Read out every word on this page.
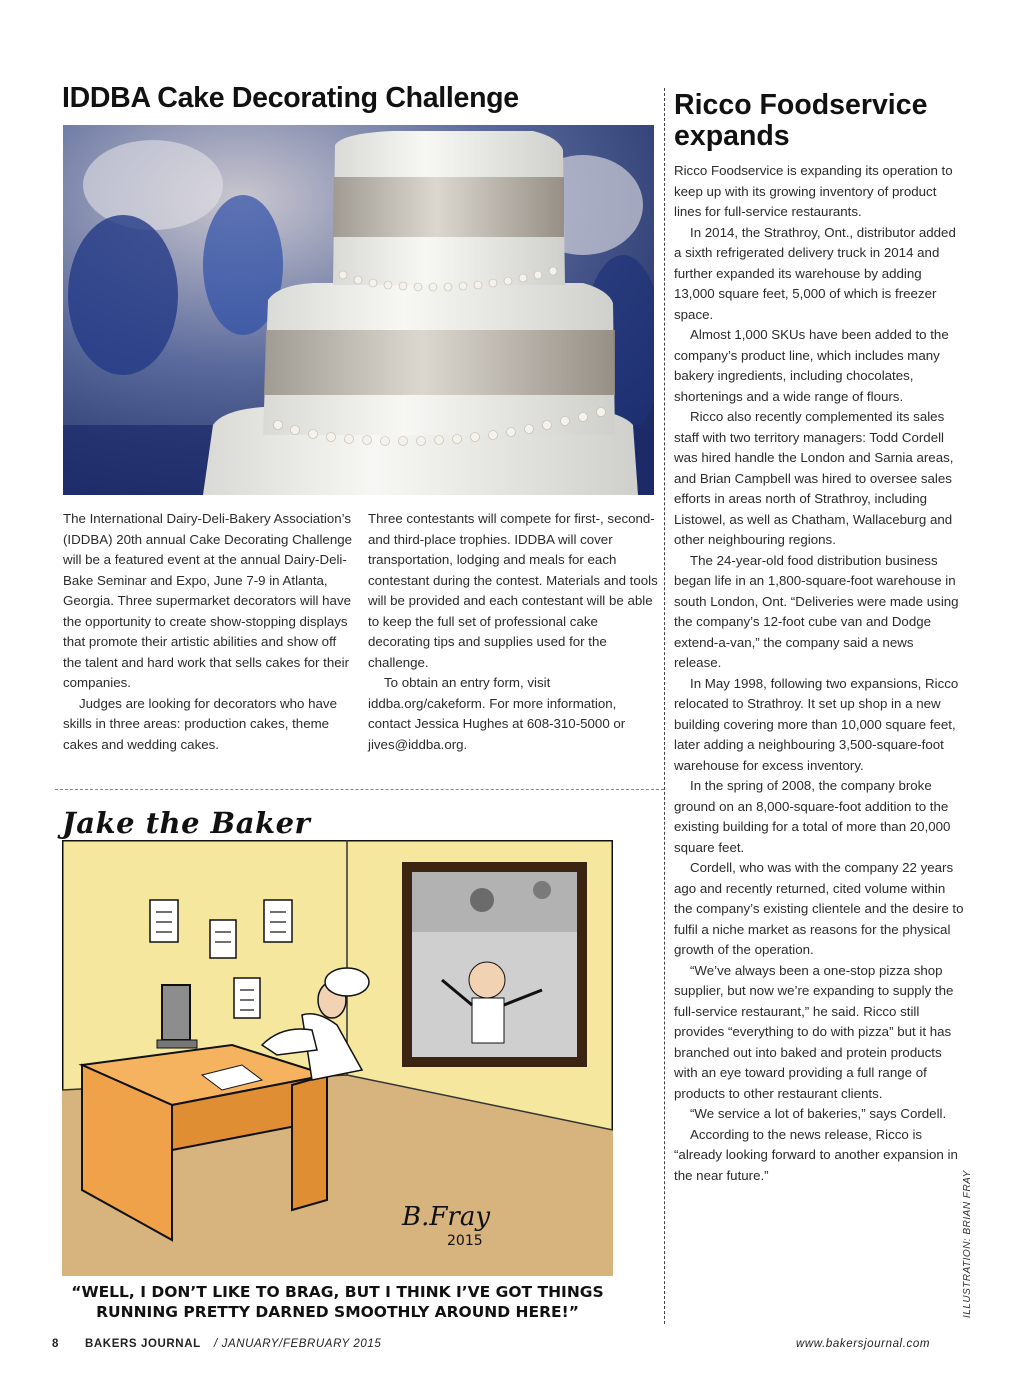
IDDBA Cake Decorating Challenge

The International Dairy-Deli-Bakery Association’s (IDDBA) 20th annual Cake Decorating Challenge will be a featured event at the annual Dairy-Deli-Bake Seminar and Expo, June 7-9 in Atlanta, Georgia. Three supermarket decorators will have the opportunity to create show-stopping displays that promote their artistic abilities and show off the talent and hard work that sells cakes for their companies.

Judges are looking for decorators who have skills in three areas: production cakes, theme cakes and wedding cakes.

Three contestants will compete for first-, second- and third-place trophies. IDDBA will cover transportation, lodging and meals for each contestant during the contest. Materials and tools will be provided and each contestant will be able to keep the full set of professional cake decorating tips and supplies used for the challenge.

To obtain an entry form, visit iddba.org/cakeform. For more information, contact Jessica Hughes at 608-310-5000 or jives@iddba.org.

Ricco Foodservice expands

Ricco Foodservice is expanding its operation to keep up with its growing inventory of product lines for full-service restaurants.

In 2014, the Strathroy, Ont., distributor added a sixth refrigerated delivery truck in 2014 and further expanded its warehouse by adding 13,000 square feet, 5,000 of which is freezer space.

Almost 1,000 SKUs have been added to the company’s product line, which includes many bakery ingredients, including chocolates, shortenings and a wide range of flours.

Ricco also recently complemented its sales staff with two territory managers: Todd Cordell was hired handle the London and Sarnia areas, and Brian Campbell was hired to oversee sales efforts in areas north of Strathroy, including Listowel, as well as Chatham, Wallaceburg and other neighbouring regions.

The 24-year-old food distribution business began life in an 1,800-square-foot warehouse in south London, Ont. “Deliveries were made using the company’s 12-foot cube van and Dodge extend-a-van,” the company said a news release.

In May 1998, following two expansions, Ricco relocated to Strathroy. It set up shop in a new building covering more than 10,000 square feet, later adding a neighbouring 3,500-square-foot warehouse for excess inventory.

In the spring of 2008, the company broke ground on an 8,000-square-foot addition to the existing building for a total of more than 20,000 square feet.

Cordell, who was with the company 22 years ago and recently returned, cited volume within the company’s existing clientele and the desire to fulfil a niche market as reasons for the physical growth of the operation.

“We’ve always been a one-stop pizza shop supplier, but now we’re expanding to supply the full-service restaurant,” he said. Ricco still provides “everything to do with pizza” but it has branched out into baked and protein products with an eye toward providing a full range of products to other restaurant clients.

“We service a lot of bakeries,” says Cordell.

According to the news release, Ricco is “already looking forward to another expansion in the near future.”

Jake the Baker
B.Fray
2015
“WELL, I DON’T LIKE TO BRAG, BUT I THINK I’VE GOT THINGS
RUNNING PRETTY DARNED SMOOTHLY AROUND HERE!”	ILLUSTRATION: BRIAN FRAY
8 BAKERS JOURNAL / JANUARY/FEBRUARY 2015	www.bakersjournal.com
